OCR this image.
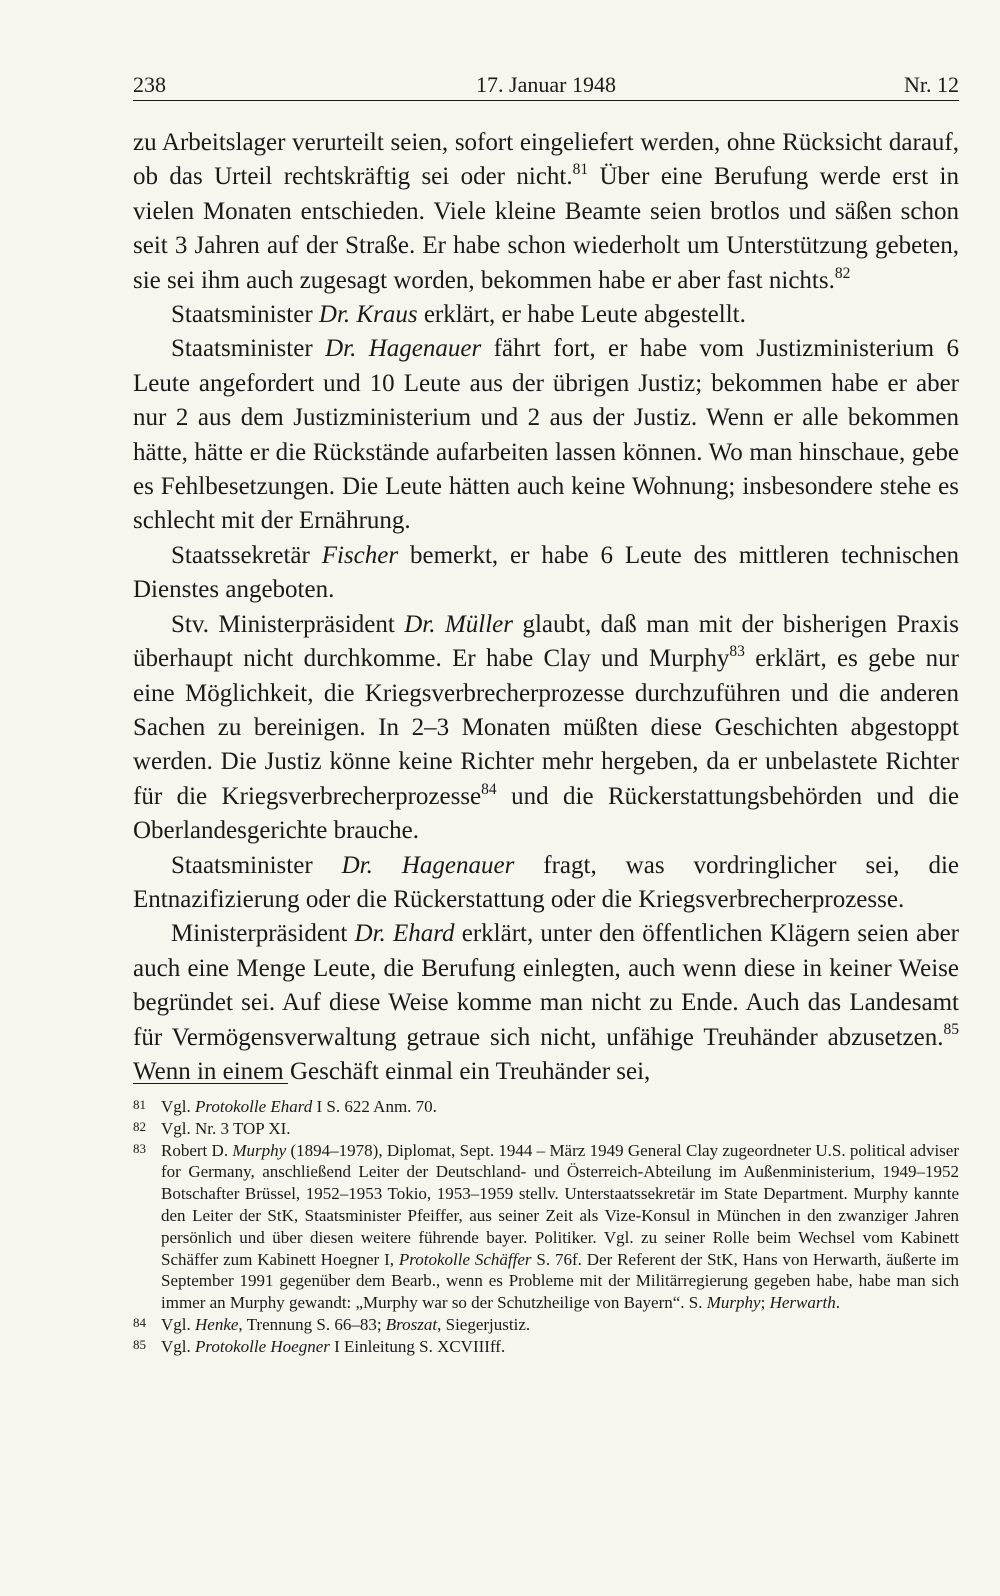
238	17. Januar 1948	Nr. 12

zu Arbeitslager verurteilt seien, sofort eingeliefert werden, ohne Rücksicht darauf, ob das Urteil rechtskräftig sei oder nicht.$^{81}$ Über eine Berufung werde erst in vielen Monaten entschieden. Viele kleine Beamte seien brotlos und säßen schon seit 3 Jahren auf der Straße. Er habe schon wiederholt um Unterstützung gebeten, sie sei ihm auch zugesagt worden, bekommen habe er aber fast nichts.$^{82}$

Staatsminister Dr. Kraus erklärt, er habe Leute abgestellt.

Staatsminister Dr. Hagenauer fährt fort, er habe vom Justizministerium 6 Leute angefordert und 10 Leute aus der übrigen Justiz; bekommen habe er aber nur 2 aus dem Justizministerium und 2 aus der Justiz. Wenn er alle bekommen hätte, hätte er die Rückstände aufarbeiten lassen können. Wo man hinschaue, gebe es Fehlbesetzungen. Die Leute hätten auch keine Wohnung; insbesondere stehe es schlecht mit der Ernährung.

Staatssekretär Fischer bemerkt, er habe 6 Leute des mittleren technischen Dienstes angeboten.

Stv. Ministerpräsident Dr. Müller glaubt, daß man mit der bisherigen Praxis überhaupt nicht durchkomme. Er habe Clay und Murphy$^{83}$ erklärt, es gebe nur eine Möglichkeit, die Kriegsverbrecherprozesse durchzuführen und die anderen Sachen zu bereinigen. In 2–3 Monaten müßten diese Geschichten abgestoppt werden. Die Justiz könne keine Richter mehr hergeben, da er unbelastete Richter für die Kriegsverbrecherprozesse$^{84}$ und die Rückerstattungsbehörden und die Oberlandesgerichte brauche.

Staatsminister Dr. Hagenauer fragt, was vordringlicher sei, die Entnazifizierung oder die Rückerstattung oder die Kriegsverbrecherprozesse.

Ministerpräsident Dr. Ehard erklärt, unter den öffentlichen Klägern seien aber auch eine Menge Leute, die Berufung einlegten, auch wenn diese in keiner Weise begründet sei. Auf diese Weise komme man nicht zu Ende. Auch das Landesamt für Vermögensverwaltung getraue sich nicht, unfähige Treuhänder abzusetzen.$^{85}$ Wenn in einem Geschäft einmal ein Treuhänder sei,

81 Vgl. Protokolle Ehard I S. 622 Anm. 70.

82 Vgl. Nr. 3 TOP XI.

83 Robert D. Murphy (1894–1978), Diplomat, Sept. 1944 – März 1949 General Clay zugeordneter U.S. political adviser for Germany, anschließend Leiter der Deutschland- und Österreich-Abteilung im Außenministerium, 1949–1952 Botschafter Brüssel, 1952–1953 Tokio, 1953–1959 stellv. Unterstaatssekretär im State Department. Murphy kannte den Leiter der StK, Staatsminister Pfeiffer, aus seiner Zeit als Vize-Konsul in München in den zwanziger Jahren persönlich und über diesen weitere führende bayer. Politiker. Vgl. zu seiner Rolle beim Wechsel vom Kabinett Schäffer zum Kabinett Hoegner I, Protokolle Schäffer S. 76f. Der Referent der StK, Hans von Herwarth, äußerte im September 1991 gegenüber dem Bearb., wenn es Probleme mit der Militärregierung gegeben habe, habe man sich immer an Murphy gewandt: „Murphy war so der Schutzheilige von Bayern“. S. Murphy; Herwarth.

84 Vgl. Henke, Trennung S. 66–83; Broszat, Siegerjustiz.

85 Vgl. Protokolle Hoegner I Einleitung S. XCVIIIff.
